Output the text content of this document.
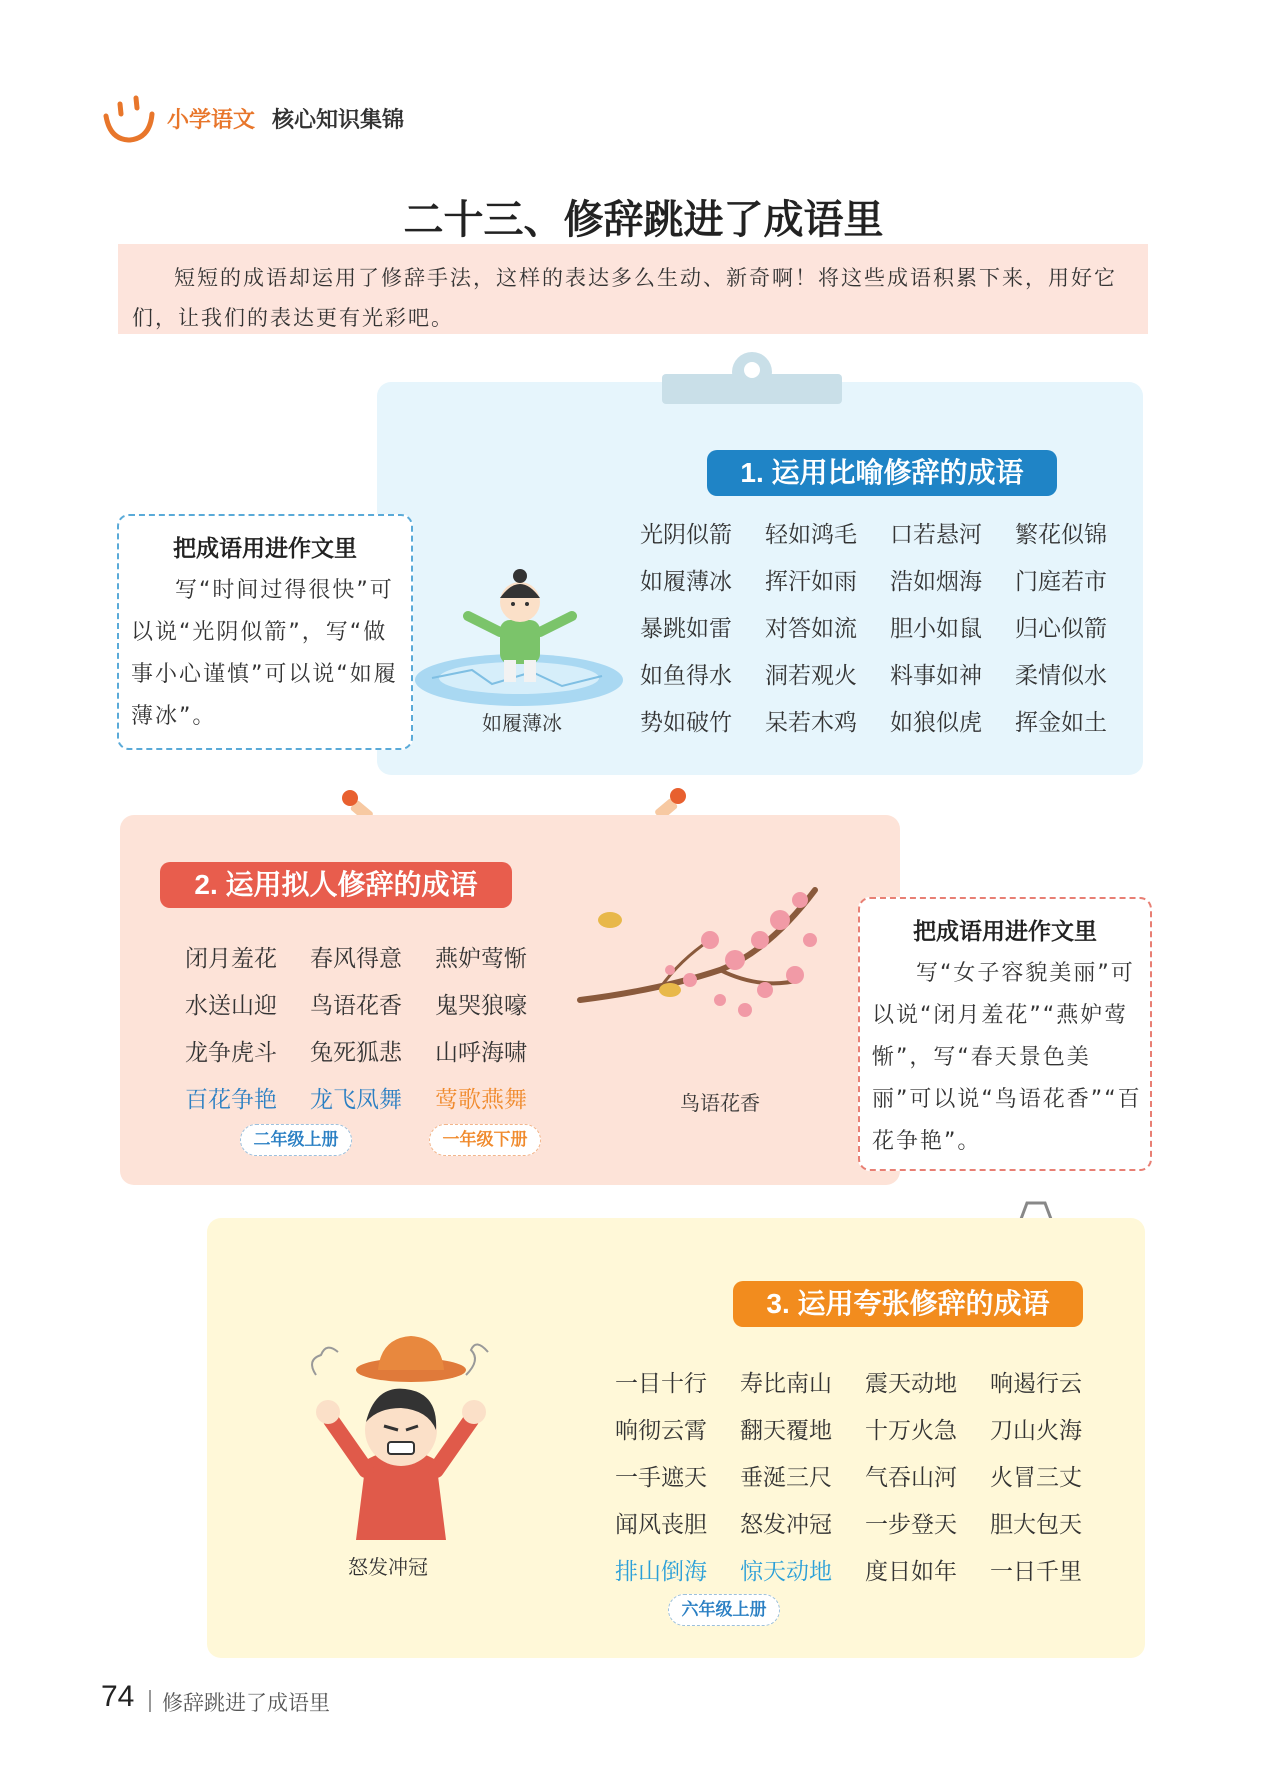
小学语文 核心知识集锦
二十三、修辞跳进了成语里
短短的成语却运用了修辞手法，这样的表达多么生动、新奇啊！将这些成语积累下来，用好它们，让我们的表达更有光彩吧。
1. 运用比喻修辞的成语
光阴似箭	轻如鸿毛	口若悬河	繁花似锦
如履薄冰	挥汗如雨	浩如烟海	门庭若市
暴跳如雷	对答如流	胆小如鼠	归心似箭
如鱼得水	洞若观火	料事如神	柔情似水
势如破竹	呆若木鸡	如狼似虎	挥金如土
把成语用进作文里
写“时间过得很快”可以说“光阴似箭”，写“做事小心谨慎”可以说“如履薄冰”。	如履薄冰
2. 运用拟人修辞的成语
闭月羞花	春风得意	燕妒莺惭
水送山迎	鸟语花香	鬼哭狼嚎
龙争虎斗	兔死狐悲	山呼海啸
百花争艳	龙飞凤舞	莺歌燕舞
二年级上册	一年级下册
鸟语花香
把成语用进作文里
写“女子容貌美丽”可以说“闭月羞花”“燕妒莺惭”，写“春天景色美丽”可以说“鸟语花香”“百花争艳”。
3. 运用夸张修辞的成语
一目十行	寿比南山	震天动地	响遏行云
响彻云霄	翻天覆地	十万火急	刀山火海
一手遮天	垂涎三尺	气吞山河	火冒三丈
闻风丧胆	怒发冲冠	一步登天	胆大包天
排山倒海	惊天动地	度日如年	一日千里
六年级上册
怒发冲冠
74 修辞跳进了成语里
